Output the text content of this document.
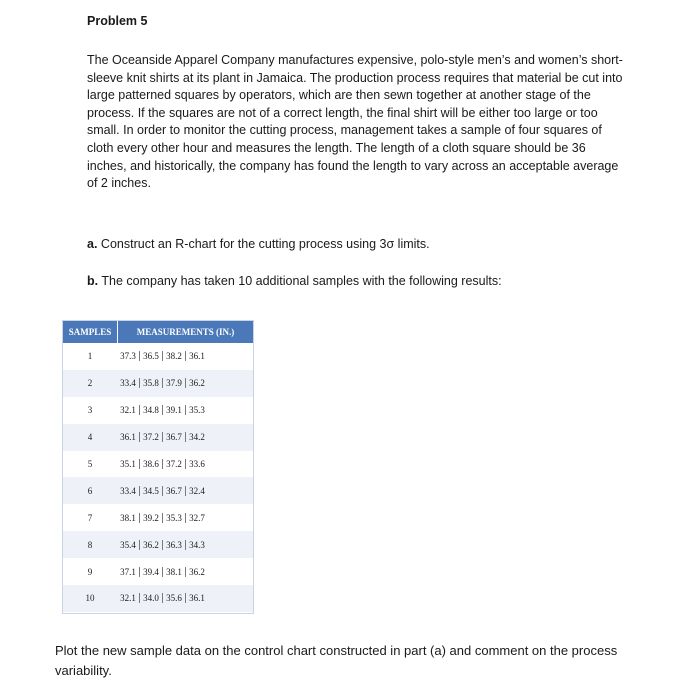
Problem 5

The Oceanside Apparel Company manufactures expensive, polo-style men’s and women’s short-sleeve knit shirts at its plant in Jamaica. The production process requires that material be cut into large patterned squares by operators, which are then sewn together at another stage of the process. If the squares are not of a correct length, the final shirt will be either too large or too small. In order to monitor the cutting process, management takes a sample of four squares of cloth every other hour and measures the length. The length of a cloth square should be 36 inches, and historically, the company has found the length to vary across an acceptable average of 2 inches.

a. Construct an R-chart for the cutting process using 3σ limits.

b. The company has taken 10 additional samples with the following results:

SAMPLES	MEASUREMENTS (IN.)
1	37.3 36.5 38.2 36.1
2	33.4 35.8 37.9 36.2
3	32.1 34.8 39.1 35.3
4	36.1 37.2 36.7 34.2
5	35.1 38.6 37.2 33.6
6	33.4 34.5 36.7 32.4
7	38.1 39.2 35.3 32.7
8	35.4 36.2 36.3 34.3
9	37.1 39.4 38.1 36.2
10	32.1 34.0 35.6 36.1

Plot the new sample data on the control chart constructed in part (a) and comment on the process variability.
